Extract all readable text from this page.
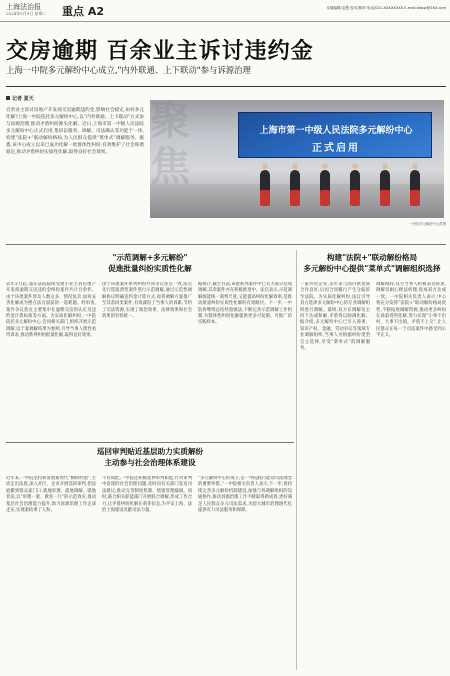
上海法治报
2024年5月9日 星期二 重点 A2	本版编辑/金慧 校对/林萍 电话/021-XXXXXXXX E-mail:lzbsw@163.com
交房逾期 百余业主诉讨违约金
上海一中院多元解纷中心成立,"内外联通、上下联动"参与诉源治理
记者 夏天
百余业主诉讨房地产开发商交房逾期违约金,影响社会稳定,如何多元化解?上海一中院依托多元解纷中心,以“内外联通、上下联动”方式参与诉源治理,推动矛盾纠纷源头化解。近日,上海市第一中级人民法院多元解纷中心正式启用,集诉讼服务、调解、司法确认等功能于一体,构建“法院+”联动解纷格局,为人民群众提供“菜单式”调解服务。据悉,该中心成立以来已成功化解一批群体性纠纷,有效维护了社会和谐稳定,推动矛盾纠纷实质性化解,取得良好社会效果。
上海市第一中级人民法院多元解纷中心
正式启用
聚焦
一中院多元解纷中心供图
"示范调解+多元解纷"
促進批量纠纷实质性化解
构建"法院+"联动解纷格局
多元解纷中心提供"菜单式"调解组织选择
去年2月起,浦东法院陆续受理小业主诉房地产开发商逾期交房违约金纠纷案件共计百余件。由于该批案件涉及人数众多、情况复杂,如何妥善化解成为摆在法官面前的一道难题。经审查,案件争议焦点主要集中在逾期交房的认定及违约金计算标准等方面。为实质化解纠纷,一中院依托多元解纷中心,会同相关部门,组织开展示范调解,以个案调解结果为参照,引导当事人理性看待诉求,推动系列纠纷批量化解,取得良好效果。
由于该批案件系列纠纷共同争议焦点一致,法官先行选取典型案件进行示范调解,通过示范性调解协议明确违约金计算方式,再将调解方案推广至其余同类案件,有效减轻了当事人的诉累,节约了司法资源,实现了政治效果、法律效果和社会效果的有机统一。
据统计,截至目前,该批系列案件中已有大部分达成调解,其余案件亦在积极推进中。法官表示,示范调解既能统一裁判尺度,又能提高纠纷化解效率,是推动批量纠纷实质性化解的有效路径。下一步,一中院将继续总结经验做法,不断完善示范调解工作机制,为群体性纠纷化解提供更多可复制、可推广的实践样本。
一家外资企业,多年来与国内供货商合作良好,后因合同履行产生分歧诉至法院。为实质化解纠纷,法官引导双方选择多元解纷中心的专业调解组织进行调解。最终,双方在调解员主持下达成和解,矛盾得以圆满化解。据介绍,多元解纷中心已引入商事、知识产权、金融、劳动争议等领域专业调解组织,当事人可根据纠纷类型自主选择,享受“菜单式”的调解服务。
调解期间,双方当事人积极表达诉求,调解员耐心释法析理,促成双方达成一致。一中院相关负责人表示,中心将充分发挥“法院+”联动解纷格局优势,不断拓展调解资源,推动更多纠纷在诉前得到化解,努力实现“小事不出村、大事不出镇、矛盾不上交”,让人民群众在每一个司法案件中感受到公平正义。
巡回审判贴近基层助力实质解纷
主动参与社会治理体系建设
近年来,一中院坚持和发展新时代“枫桥经验”,主动走出法庭,深入社区、企业开展巡回审判,把法庭搬到群众家门口,就地审理、就地调解、就地普法,以“审理一案、教育一片”的示范效应,推动基层社会治理能力提升,助力诉源治理工作走深走实,实现案结事了人和。
不仅如此,一中院还积极延伸审判职能,针对审判中发现的社会治理问题,及时向有关部门发送司法建议,推动完善制度机制、堵塞管理漏洞。同时,联合相关职能部门开展联合调解,形成工作合力,让矛盾纠纷化解在萌芽状态,为平安上海、法治上海建设贡献司法力量。
“多元解纷中心的成立,是一中院践行能动司法理念的重要举措。”一中院相关负责人表示,下一步,将持续完善多元解纷机制建设,加强与各调解组织的沟通协作,推动诉源治理工作不断取得新成效,更好满足人民群众多元司法需求,为超大城市治理现代化提供有力司法服务和保障。
